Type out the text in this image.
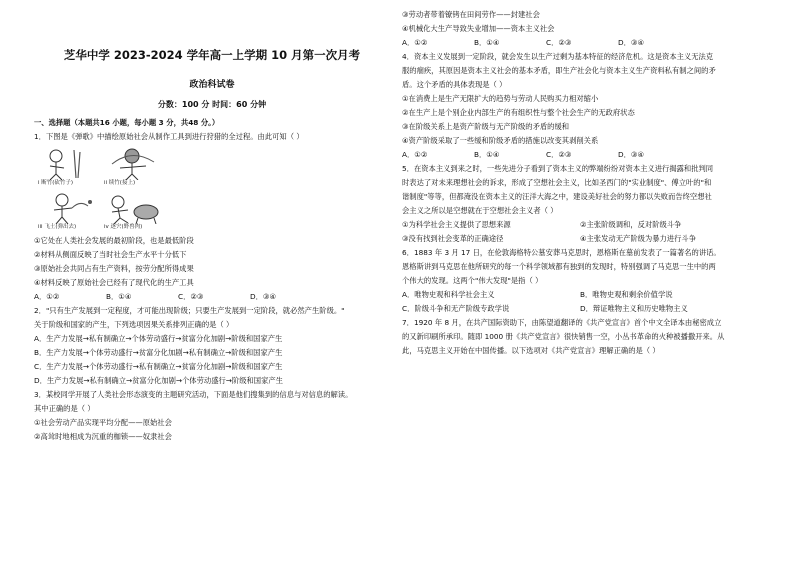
芝华中学 2023-2024 学年高一上学期 10 月第一次月考
政治科试卷
分数：100 分 时间：60 分钟
一、选择题（本题共16 小题，每小题 3 分，共48 分。）
1．下图是《弹歌》中描绘原始社会从制作工具到进行狩猎的全过程。由此可知（ ）
i 断竹(砍竹子)	ii 续竹(接上)
iii 飞土(弹出去)	iv 逐宍(野兽肉)
①它处在人类社会发展的最初阶段，也是最低阶段
②材料从侧面反映了当时社会生产水平十分低下
③原始社会共同占有生产资料，按劳分配所得成果
④材料反映了原始社会已经有了现代化的生产工具
A．①②	B．①④	C．②③	D．③④
2．"只有生产发展到一定程度，才可能出现阶级；只要生产发展到一定阶段，就必然产生阶级。"
关于阶级和国家的产生，下列选项因果关系排列正确的是（ ）
A．生产力发展→私有制确立→个体劳动盛行→贫富分化加剧→阶级和国家产生
B．生产力发展→个体劳动盛行→贫富分化加剧→私有制确立→阶级和国家产生
C．生产力发展→个体劳动盛行→私有制确立→贫富分化加剧→阶级和国家产生
D．生产力发展→私有制确立→贫富分化加剧→个体劳动盛行→阶级和国家产生
3．某校同学开展了人类社会形态演变的主题研究活动，下面是他们搜集到的信息与对信息的解读。
其中正确的是（ ）
①社会劳动产品实现平均分配——原始社会
②高耸时地相成为沉重的枷锁——奴隶社会
③劳动者带着镣铐在田间劳作——封建社会
④机械化大生产导致失业增加——资本主义社会
A．①②	B．①④	C．②③	D．③④
4．资本主义发展到一定阶段，就会发生以生产过剩为基本特征的经济危机。这是资本主义无法克
服的痼疾，其原因是资本主义社会的基本矛盾，即生产社会化与资本主义生产资料私有制之间的矛
盾。这个矛盾的具体表现是（ ）
①在消费上是生产无限扩大的趋势与劳动人民购买力相对缩小
②在生产上是个别企业内部生产的有组织性与整个社会生产的无政府状态
③在阶级关系上是资产阶级与无产阶级的矛盾的缓和
④资产阶级采取了一些缓和阶级矛盾的措施以改变其剥削关系
A．①②	B．①④	C．②③	D．③④
5．在资本主义到来之时，一些先进分子看到了资本主义的弊端纷纷对资本主义进行揭露和批判同
时表达了对未来理想社会的诉求，形成了空想社会主义，比如圣西门的"实业制度"、傅立叶的"和
谐制度"等等，但都淹没在资本主义的汪洋大海之中，建设美好社会的努力都以失败而告终空想社
会主义之所以是空想就在于空想社会主义者（ ）
①为科学社会主义提供了思想来源	②主张阶级调和，反对阶级斗争
③没有找到社会变革的正确途径	④主张发动无产阶级为暴力进行斗争
6．1883 年 3 月 17 日，在伦敦海格特公墓安葬马克思时，恩格斯在墓前发表了一篇著名的讲话。
恩格斯讲到马克思在他所研究的每一个科学领域都有独到的发现时，特别强调了马克思一生中的两
个伟大的发现。这两个"伟大发现"是指（ ）
A．唯物史观和科学社会主义	B．唯物史观和剩余价值学说
C．阶级斗争和无产阶级专政学说	D．辩证唯物主义和历史唯物主义
7．1920 年 8 月，在共产国际资助下，由陈望道翻译的《共产党宣言》首个中文全译本由秘密成立
的又新印刷所承印。随即 1000 册《共产党宣言》很快销售一空，小丛书革命的火种被播撒开来。从
此，马克思主义开始在中国传播。以下选项对《共产党宣言》理解正确的是（ ）
